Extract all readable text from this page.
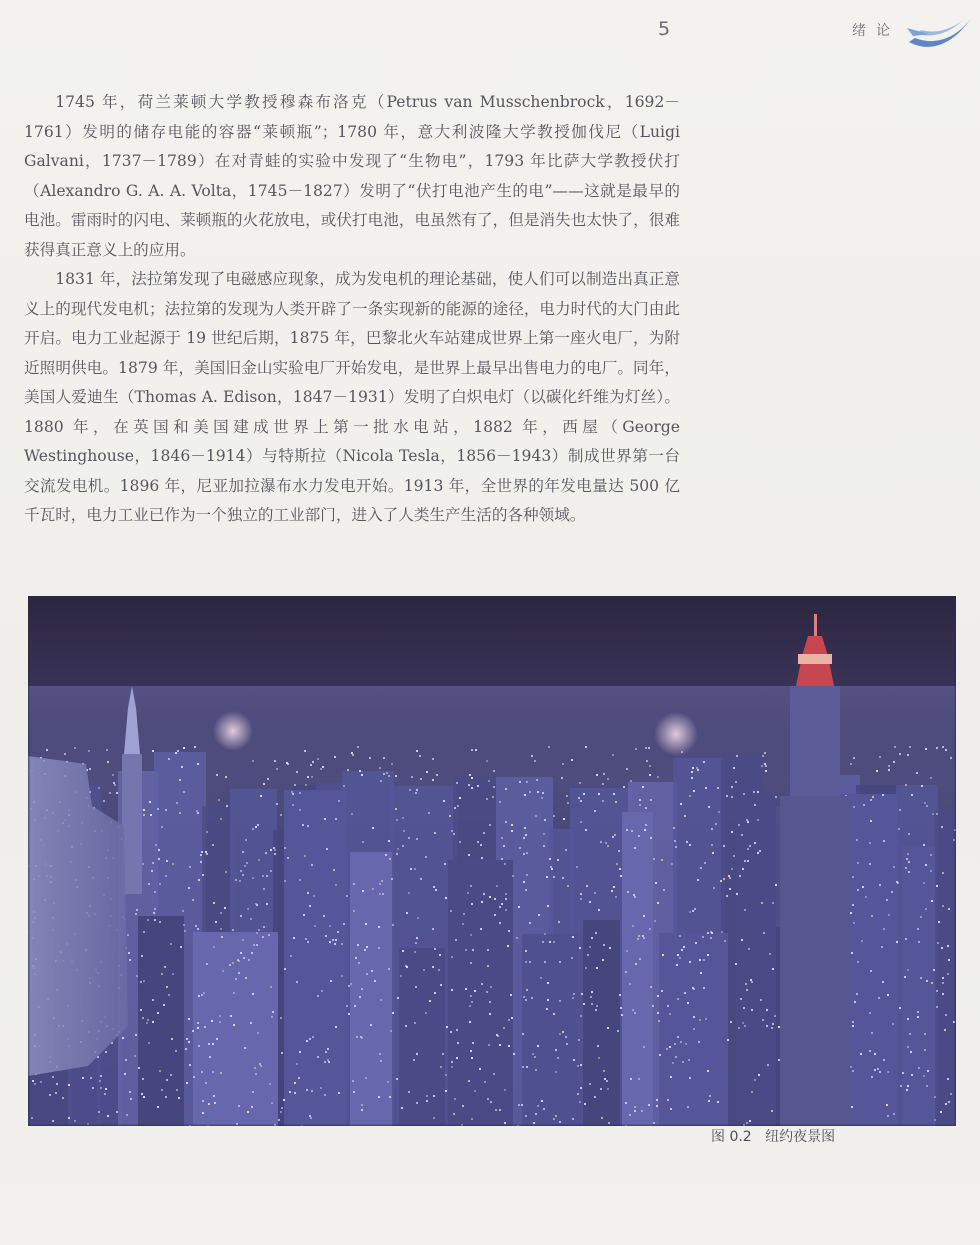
5	绪论

1745 年，荷兰莱顿大学教授穆森布洛克（Petrus van Musschenbrock，1692－1761）发明的储存电能的容器“莱顿瓶”；1780 年，意大利波隆大学教授伽伐尼（Luigi Galvani，1737－1789）在对青蛙的实验中发现了“生物电”，1793 年比萨大学教授伏打（Alexandro G. A. A. Volta，1745－1827）发明了“伏打电池产生的电”——这就是最早的电池。雷雨时的闪电、莱顿瓶的火花放电，或伏打电池，电虽然有了，但是消失也太快了，很难获得真正意义上的应用。

1831 年，法拉第发现了电磁感应现象，成为发电机的理论基础，使人们可以制造出真正意义上的现代发电机；法拉第的发现为人类开辟了一条实现新的能源的途径，电力时代的大门由此开启。电力工业起源于 19 世纪后期，1875 年，巴黎北火车站建成世界上第一座火电厂，为附近照明供电。1879 年，美国旧金山实验电厂开始发电，是世界上最早出售电力的电厂。同年，美国人爱迪生（Thomas A. Edison，1847－1931）发明了白炽电灯（以碳化纤维为灯丝）。1880 年，在英国和美国建成世界上第一批水电站，1882 年，西屋（George Westinghouse，1846－1914）与特斯拉（Nicola Tesla，1856－1943）制成世界第一台交流发电机。1896 年，尼亚加拉瀑布水力发电开始。1913 年，全世界的年发电量达 500 亿千瓦时，电力工业已作为一个独立的工业部门，进入了人类生产生活的各种领域。

图 0.2   纽约夜景图
